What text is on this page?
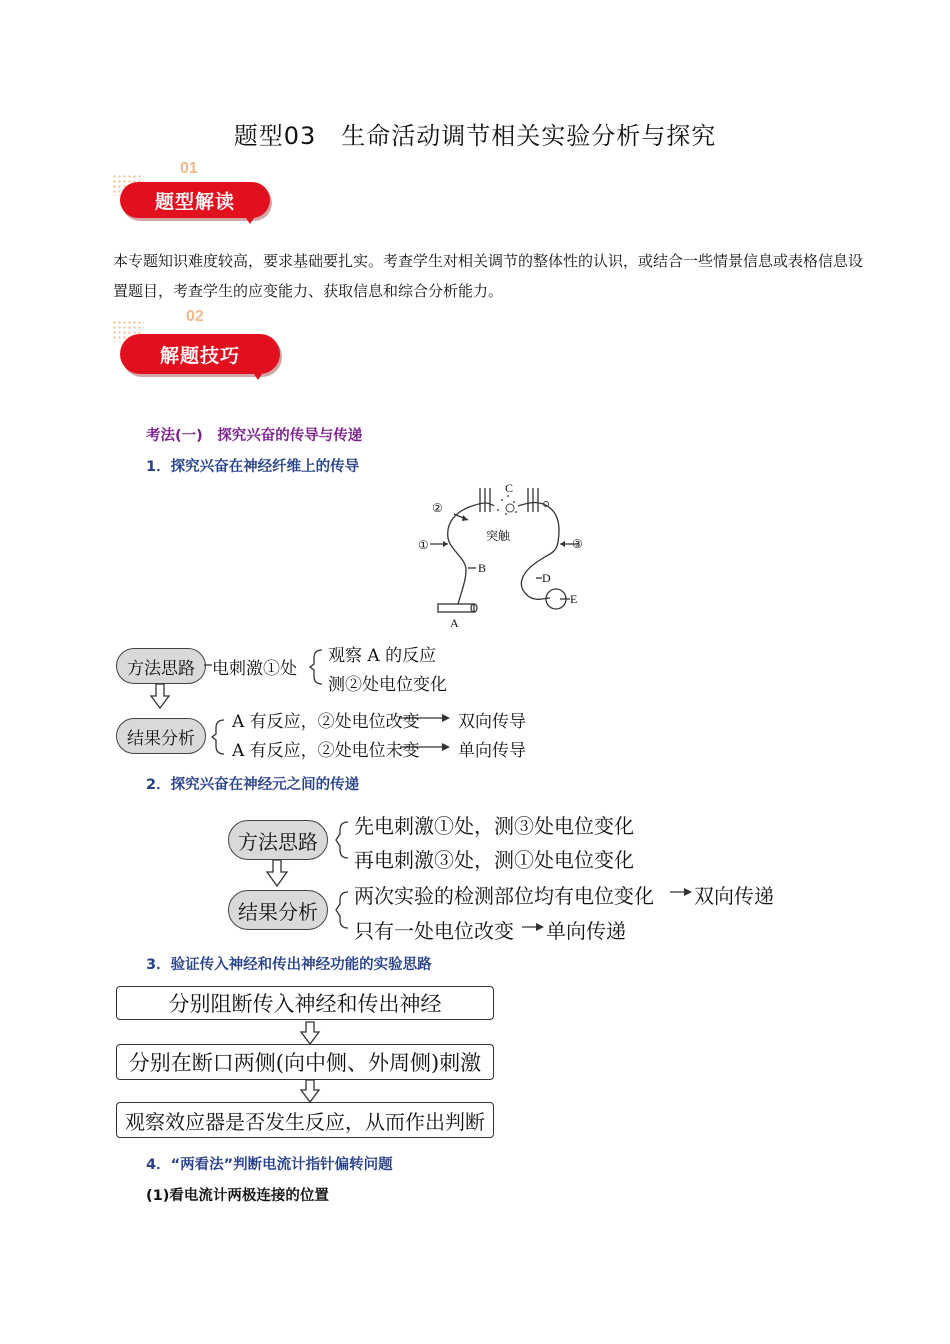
题型03　生命活动调节相关实验分析与探究
01
题型解读
本专题知识难度较高，要求基础要扎实。考查学生对相关调节的整体性的认识，或结合一些情景信息或表格信息设置题目，考查学生的应变能力、获取信息和综合分析能力。
02
解题技巧
考法(一)　探究兴奋的传导与传递
1．探究兴奋在神经纤维上的传导
C
突触
②
①	③
B
D
E
A
方法思路	电刺激①处
观察 A 的反应
测②处电位变化
结果分析
A 有反应，②处电位改变 双向传导
A 有反应，②处电位未变 单向传导
2．探究兴奋在神经元之间的传递
方法思路
先电刺激①处，测③处电位变化
再电刺激③处，测①处电位变化
结果分析
两次实验的检测部位均有电位变化 双向传递
只有一处电位改变 单向传递
3．验证传入神经和传出神经功能的实验思路
分别阻断传入神经和传出神经
分别在断口两侧(向中侧、外周侧)刺激
观察效应器是否发生反应，从而作出判断
4．“两看法”判断电流计指针偏转问题
(1)看电流计两极连接的位置
